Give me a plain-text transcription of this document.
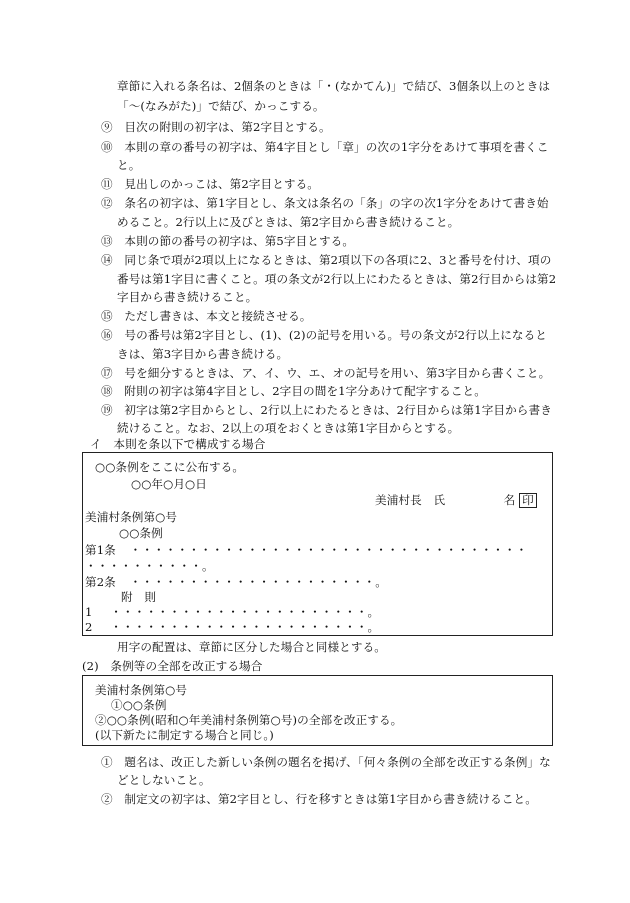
章節に入れる条名は、2個条のときは「・(なかてん)」で結び、3個条以上のときは
「～(なみがた)」で結び、かっこする。
⑨　目次の附則の初字は、第2字目とする。
⑩　本則の章の番号の初字は、第4字目とし「章」の次の1字分をあけて事項を書くこ
と。
⑪　見出しのかっこは、第2字目とする。
⑫　条名の初字は、第1字目とし、条文は条名の「条」の字の次1字分をあけて書き始
めること。2行以上に及びときは、第2字目から書き続けること。
⑬　本則の節の番号の初字は、第5字目とする。
⑭　同じ条で項が2項以上になるときは、第2項以下の各項に2、3と番号を付け、項の
番号は第1字目に書くこと。項の条文が2行以上にわたるときは、第2行目からは第2
字目から書き続けること。
⑮　ただし書きは、本文と接続させる。
⑯　号の番号は第2字目とし、(1)、(2)の記号を用いる。号の条文が2行以上になると
きは、第3字目から書き続ける。
⑰　号を細分するときは、ア、イ、ウ、エ、オの記号を用い、第3字目から書くこと。
⑱　附則の初字は第4字目とし、2字目の間を1字分あけて配字すること。
⑲　初字は第2字目からとし、2行以上にわたるときは、2行目からは第1字目から書き
続けること。なお、2以上の項をおくときは第1字目からとする。
イ　本則を条以下で構成する場合
○○条例をここに公布する。
○○年○月○日
美浦村長　氏　　　　　名 印
美浦村条例第○号
○○条例
第1条 ・・・・・・・・・・・・・・・・・・・・・・・・・・・・・・・・・・
・・・・・・・・・・。
第2条 ・・・・・・・・・・・・・・・・・・・・・。
附　則
1 ・・・・・・・・・・・・・・・・・・・・・・。
2 ・・・・・・・・・・・・・・・・・・・・・・。
用字の配置は、章節に区分した場合と同様とする。
(2)　条例等の全部を改正する場合
美浦村条例第○号
①○○条例
②○○条例(昭和○年美浦村条例第○号)の全部を改正する。
(以下新たに制定する場合と同じ。)
①　題名は、改正した新しい条例の題名を掲げ、「何々条例の全部を改正する条例」な
どとしないこと。
②　制定文の初字は、第2字目とし、行を移すときは第1字目から書き続けること。
